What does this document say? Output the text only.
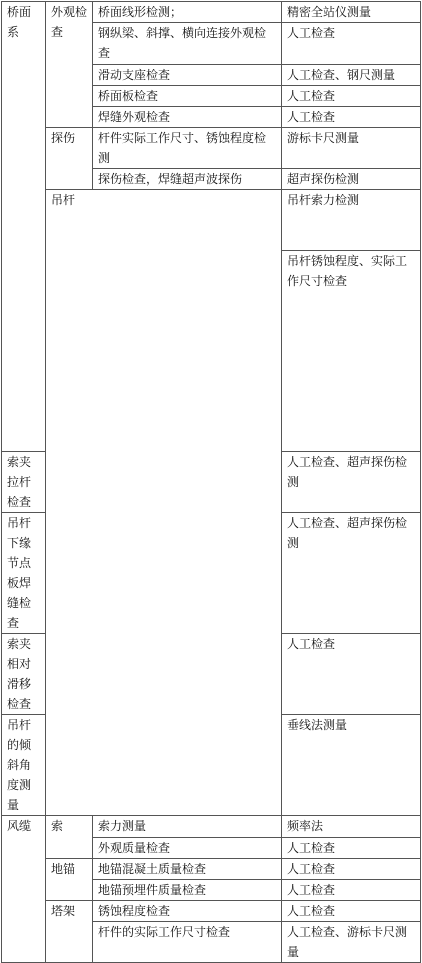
桥面系	外观检查	桥面线形检测；	精密全站仪测量	
		钢纵梁、斜撑、横向连接外观检查	人工检查	
		滑动支座检查	人工检查、钢尺测量	
		桥面板检查	人工检查	
		焊缝外观检查	人工检查	
	探伤	杆件实际工作尺寸、锈蚀程度检测	游标卡尺测量	
		探伤检查，焊缝超声波探伤	超声探伤检测	
	吊杆		吊杆索力检测	
			吊杆锈蚀程度、实际工作尺寸检查	
索夹拉杆检查			人工检查、超声探伤检测	
吊杆下缘节点板焊缝检查			人工检查、超声探伤检测	
索夹相对滑移检查			人工检查	
吊杆的倾斜角度测量			垂线法测量	
风缆	索	索力测量	频率法	
		外观质量检查	人工检查	
	地锚	地锚混凝土质量检查	人工检查	
		地锚预埋件质量检查	人工检查	
	塔架	锈蚀程度检查	人工检查	
		杆件的实际工作尺寸检查	人工检查、游标卡尺测量	
